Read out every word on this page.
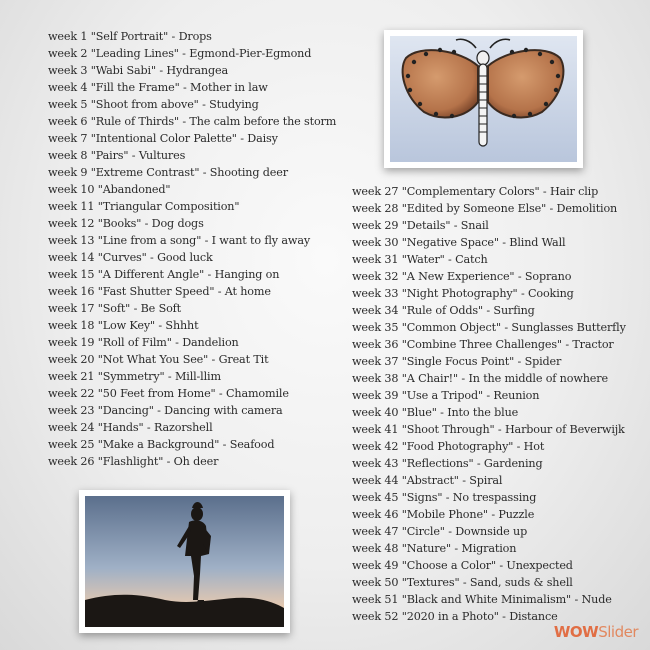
week 1 "Self Portrait" - Drops
week 2 "Leading Lines" - Egmond-Pier-Egmond
week 3 "Wabi Sabi" - Hydrangea
week 4 "Fill the Frame" - Mother in law
week 5 "Shoot from above" - Studying
week 6 "Rule of Thirds" - The calm before the storm
week 7 "Intentional Color Palette" - Daisy
week 8 "Pairs" - Vultures
week 9 "Extreme Contrast" - Shooting deer
week 10 "Abandoned"
week 11 "Triangular Composition"
week 12 "Books" - Dog dogs
week 13 "Line from a song" - I want to fly away
week 14 "Curves" - Good luck
week 15 "A Different Angle" - Hanging on
week 16 "Fast Shutter Speed" - At home
week 17 "Soft" - Be Soft
week 18 "Low Key" - Shhht
week 19 "Roll of Film" - Dandelion
week 20 "Not What You See" - Great Tit
week 21 "Symmetry" - Mill-llim
week 22 "50 Feet from Home" - Chamomile
week 23 "Dancing" - Dancing with camera
week 24 "Hands" - Razorshell
week 25 "Make a Background" - Seafood
week 26 "Flashlight" - Oh deer
week 27 "Complementary Colors" - Hair clip
week 28 "Edited by Someone Else" - Demolition
week 29 "Details" - Snail
week 30 "Negative Space" - Blind Wall
week 31 "Water" - Catch
week 32 "A New Experience" - Soprano
week 33 "Night Photography" - Cooking
week 34 "Rule of Odds" - Surfing
week 35 "Common Object" - Sunglasses Butterfly
week 36 "Combine Three Challenges" - Tractor
week 37 "Single Focus Point" - Spider
week 38 "A Chair!" - In the middle of nowhere
week 39 "Use a Tripod" - Reunion
week 40 "Blue" - Into the blue
week 41 "Shoot Through" - Harbour of Beverwijk
week 42 "Food Photography" - Hot
week 43 "Reflections" - Gardening
week 44 "Abstract" - Spiral
week 45 "Signs" - No trespassing
week 46 "Mobile Phone" - Puzzle
week 47 "Circle" - Downside up
week 48 "Nature" - Migration
week 49 "Choose a Color" - Unexpected
week 50 "Textures" - Sand, suds & shell
week 51 "Black and White Minimalism" - Nude
week 52 "2020 in a Photo" - Distance
WOWSlider
